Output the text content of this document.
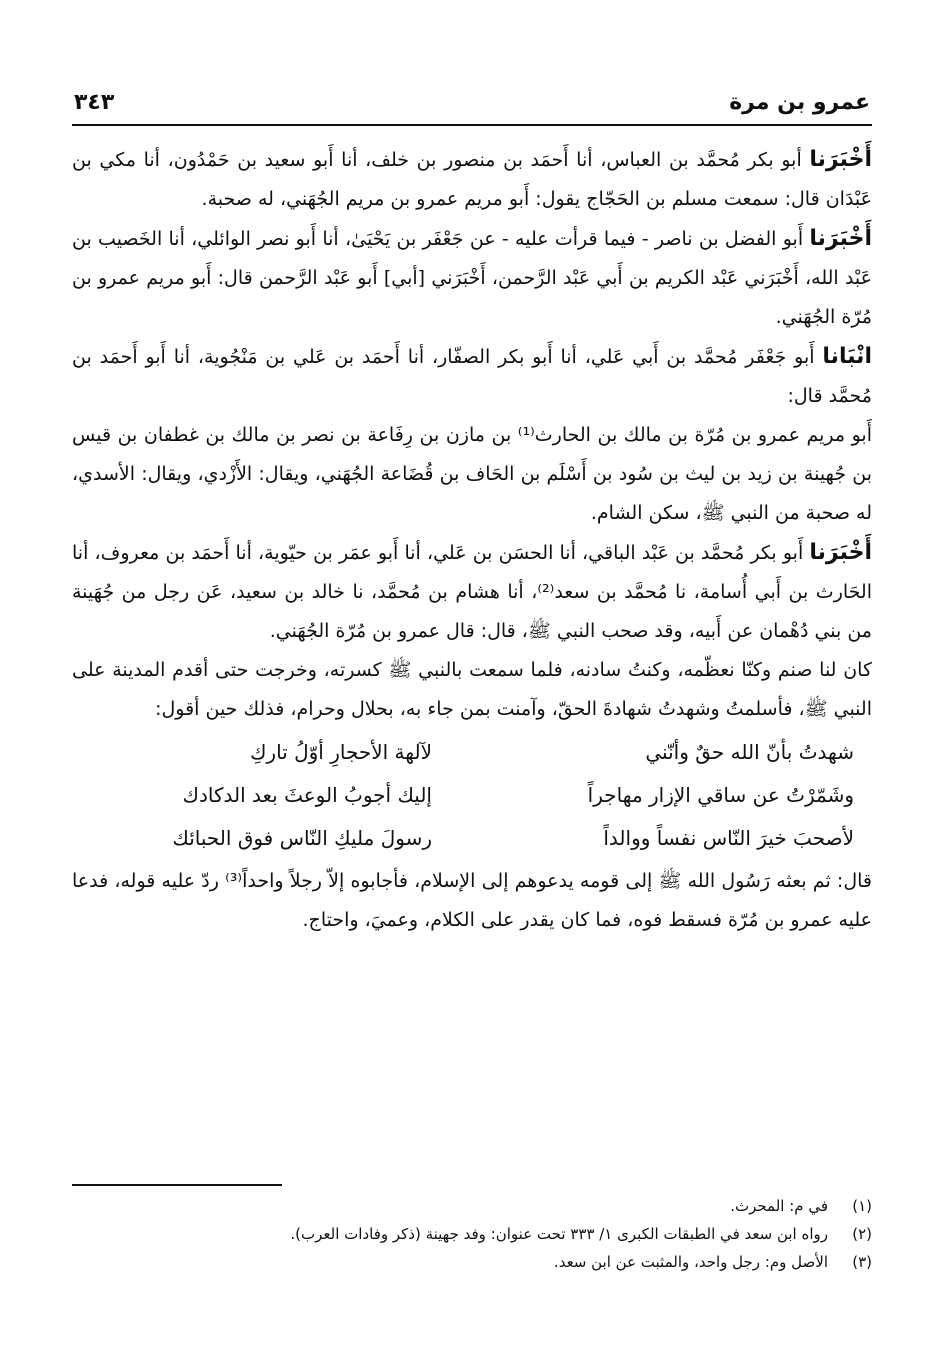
عمرو بن مرة
٣٤٣

أَخْبَرَنا أبو بكر مُحمَّد بن العباس، أنا أَحمَد بن منصور بن خلف، أنا أَبو سعيد بن حَمْدُون، أنا مكي بن عَبْدَان قال: سمعت مسلم بن الحَجّاج يقول: أَبو مريم عمرو بن مريم الجُهَني، له صحبة.

أَخْبَرَنا أَبو الفضل بن ناصر - فيما قرأت عليه - عن جَعْفَر بن يَحْيَىٰ، أنا أَبو نصر الوائلي، أنا الخَصيب بن عَبْد الله، أَخْبَرَني عَبْد الكريم بن أَبي عَبْد الرَّحمن، أَخْبَرَني [أبي] أَبو عَبْد الرَّحمن قال: أَبو مريم عمرو بن مُرّة الجُهَني.

انْبَانا أَبو جَعْفَر مُحمَّد بن أَبي عَلي، أنا أَبو بكر الصفّار، أنا أَحمَد بن عَلي بن مَنْجُوية، أنا أَبو أَحمَد بن مُحمَّد قال:

أَبو مريم عمرو بن مُرّة بن مالك بن الحارث⁽¹⁾ بن مازن بن رِفَاعة بن نصر بن مالك بن غطفان بن قيس بن جُهينة بن زيد بن ليث بن سُود بن أَسْلَم بن الحَاف بن قُضَاعة الجُهَني، ويقال: الأَزْدي، ويقال: الأسدي، له صحبة من النبي ﷺ، سكن الشام.

أَخْبَرَنا أَبو بكر مُحمَّد بن عَبْد الباقي، أنا الحسَن بن عَلي، أنا أَبو عمَر بن حيّوية، أنا أَحمَد بن معروف، أنا الحَارث بن أَبي أُسامة، نا مُحمَّد بن سعد⁽²⁾، أنا هشام بن مُحمَّد، نا خالد بن سعيد، عَن رجل من جُهَينة من بني دُهْمان عن أَبيه، وقد صحب النبي ﷺ، قال: قال عمرو بن مُرّة الجُهَني.

كان لنا صنم وكنّا نعظّمه، وكنتُ سادنه، فلما سمعت بالنبي ﷺ كسرته، وخرجت حتى أقدم المدينة على النبي ﷺ، فأسلمتُ وشهدتُ شهادةَ الحقّ، وآمنت بمن جاء به، بحلال وحرام، فذلك حين أقول:

شهدتُ بأنّ الله حقٌ وأنّني
لآلهة الأحجارِ أوّلُ تاركِ
وشَمّرْتُ عن ساقي الإزار مهاجراً
إليك أجوبُ الوعثَ بعد الدكادك
لأصحبَ خيرَ النّاس نفساً ووالداً
رسولَ مليكِ النّاس فوق الحبائك

قال: ثم بعثه رَسُول الله ﷺ إلى قومه يدعوهم إلى الإسلام، فأجابوه إلاّ رجلاً واحداً⁽³⁾ ردّ عليه قوله، فدعا عليه عمرو بن مُرّة فسقط فوه، فما كان يقدر على الكلام، وعميَ، واحتاج.

(١)
في م: المحرث.
(٢)
رواه ابن سعد في الطبقات الكبرى ١/ ٣٣٣ تحت عنوان: وفد جهينة (ذكر وفادات العرب).
(٣)
الأصل وم: رجل واحد، والمثبت عن ابن سعد.
